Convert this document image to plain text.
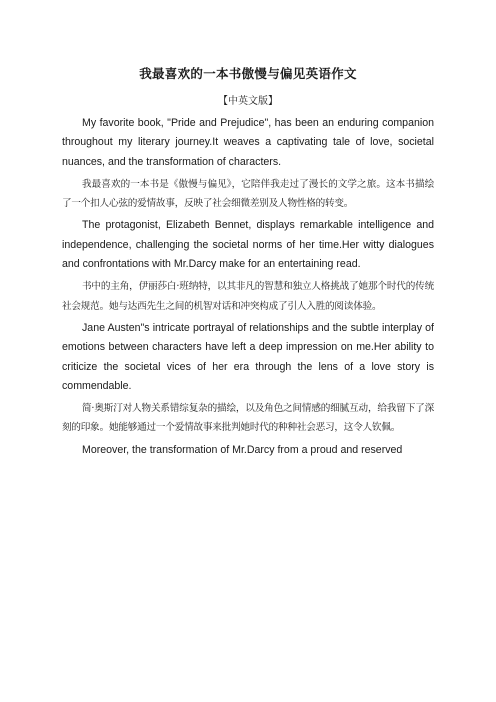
我最喜欢的一本书傲慢与偏见英语作文
【中英文版】

My favorite book, "Pride and Prejudice", has been an enduring companion throughout my literary journey.It weaves a captivating tale of love, societal nuances, and the transformation of characters.

我最喜欢的一本书是《傲慢与偏见》，它陪伴我走过了漫长的文学之旅。这本书描绘了一个扣人心弦的爱情故事，反映了社会细微差别及人物性格的转变。

The protagonist, Elizabeth Bennet, displays remarkable intelligence and independence, challenging the societal norms of her time.Her witty dialogues and confrontations with Mr.Darcy make for an entertaining read.

书中的主角，伊丽莎白·班纳特，以其非凡的智慧和独立人格挑战了她那个时代的传统社会规范。她与达西先生之间的机智对话和冲突构成了引人入胜的阅读体验。

Jane Austen"s intricate portrayal of relationships and the subtle interplay of emotions between characters have left a deep impression on me.Her ability to criticize the societal vices of her era through the lens of a love story is commendable.

简·奥斯汀对人物关系错综复杂的描绘，以及角色之间情感的细腻互动，给我留下了深刻的印象。她能够通过一个爱情故事来批判她时代的种种社会恶习，这令人钦佩。

Moreover, the transformation of Mr.Darcy from a proud and reserved
